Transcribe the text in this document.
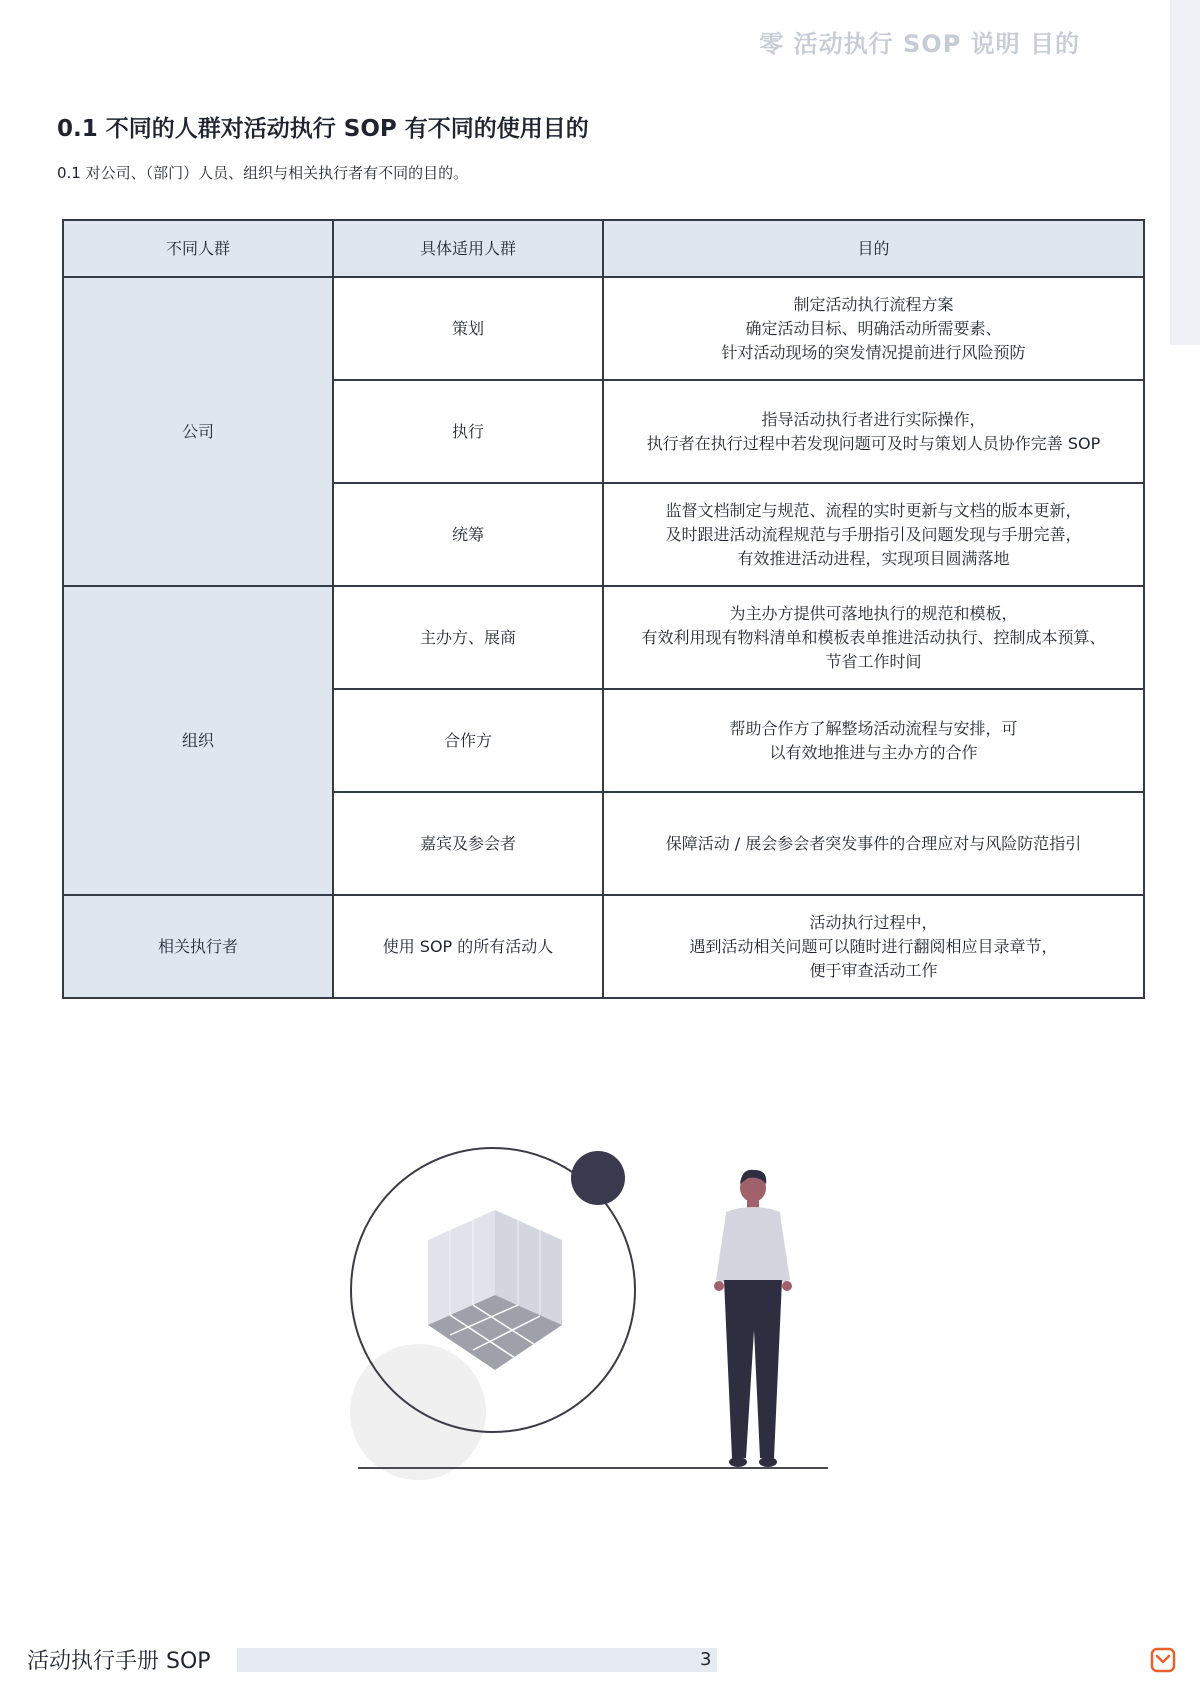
零 活动执行 SOP 说明 目的
0.1 不同的人群对活动执行 SOP 有不同的使用目的

0.1 对公司、（部门）人员、组织与相关执行者有不同的目的。

不同人群	具体适用人群	目的
公司	策划	制定活动执行流程方案
确定活动目标、明确活动所需要素、
针对活动现场的突发情况提前进行风险预防

	执行	指导活动执行者进行实际操作，
执行者在执行过程中若发现问题可及时与策划人员协作完善 SOP

	统筹	监督文档制定与规范、流程的实时更新与文档的版本更新，
及时跟进活动流程规范与手册指引及问题发现与手册完善，
有效推进活动进程，实现项目圆满落地

组织	主办方、展商	为主办方提供可落地执行的规范和模板，
有效利用现有物料清单和模板表单推进活动执行、控制成本预算、
节省工作时间

	合作方	帮助合作方了解整场活动流程与安排，可
以有效地推进与主办方的合作

	嘉宾及参会者	保障活动 / 展会参会者突发事件的合理应对与风险防范指引

相关执行者	使用 SOP 的所有活动人	活动执行过程中，
遇到活动相关问题可以随时进行翻阅相应目录章节，
便于审查活动工作
活动执行手册 SOP	3
